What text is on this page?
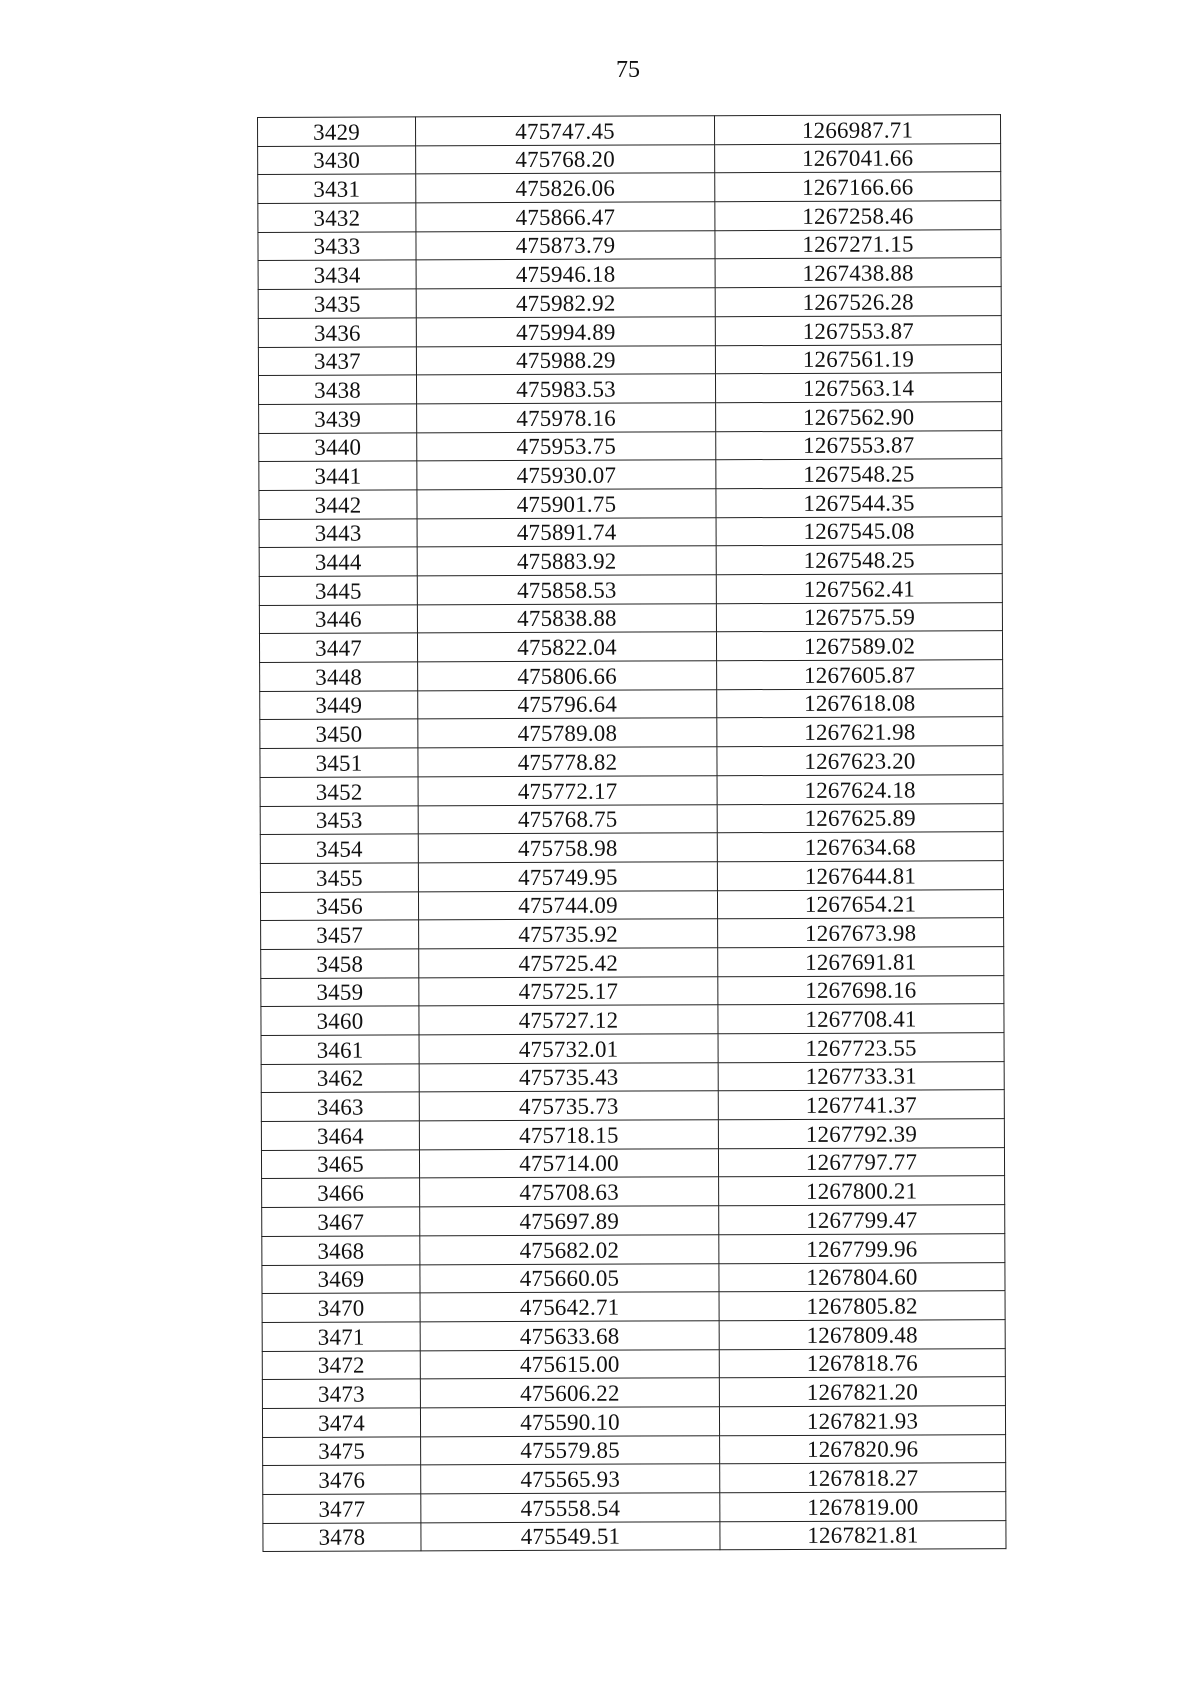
75
3429	475747.45	1266987.71
3430	475768.20	1267041.66
3431	475826.06	1267166.66
3432	475866.47	1267258.46
3433	475873.79	1267271.15
3434	475946.18	1267438.88
3435	475982.92	1267526.28
3436	475994.89	1267553.87
3437	475988.29	1267561.19
3438	475983.53	1267563.14
3439	475978.16	1267562.90
3440	475953.75	1267553.87
3441	475930.07	1267548.25
3442	475901.75	1267544.35
3443	475891.74	1267545.08
3444	475883.92	1267548.25
3445	475858.53	1267562.41
3446	475838.88	1267575.59
3447	475822.04	1267589.02
3448	475806.66	1267605.87
3449	475796.64	1267618.08
3450	475789.08	1267621.98
3451	475778.82	1267623.20
3452	475772.17	1267624.18
3453	475768.75	1267625.89
3454	475758.98	1267634.68
3455	475749.95	1267644.81
3456	475744.09	1267654.21
3457	475735.92	1267673.98
3458	475725.42	1267691.81
3459	475725.17	1267698.16
3460	475727.12	1267708.41
3461	475732.01	1267723.55
3462	475735.43	1267733.31
3463	475735.73	1267741.37
3464	475718.15	1267792.39
3465	475714.00	1267797.77
3466	475708.63	1267800.21
3467	475697.89	1267799.47
3468	475682.02	1267799.96
3469	475660.05	1267804.60
3470	475642.71	1267805.82
3471	475633.68	1267809.48
3472	475615.00	1267818.76
3473	475606.22	1267821.20
3474	475590.10	1267821.93
3475	475579.85	1267820.96
3476	475565.93	1267818.27
3477	475558.54	1267819.00
3478	475549.51	1267821.81
